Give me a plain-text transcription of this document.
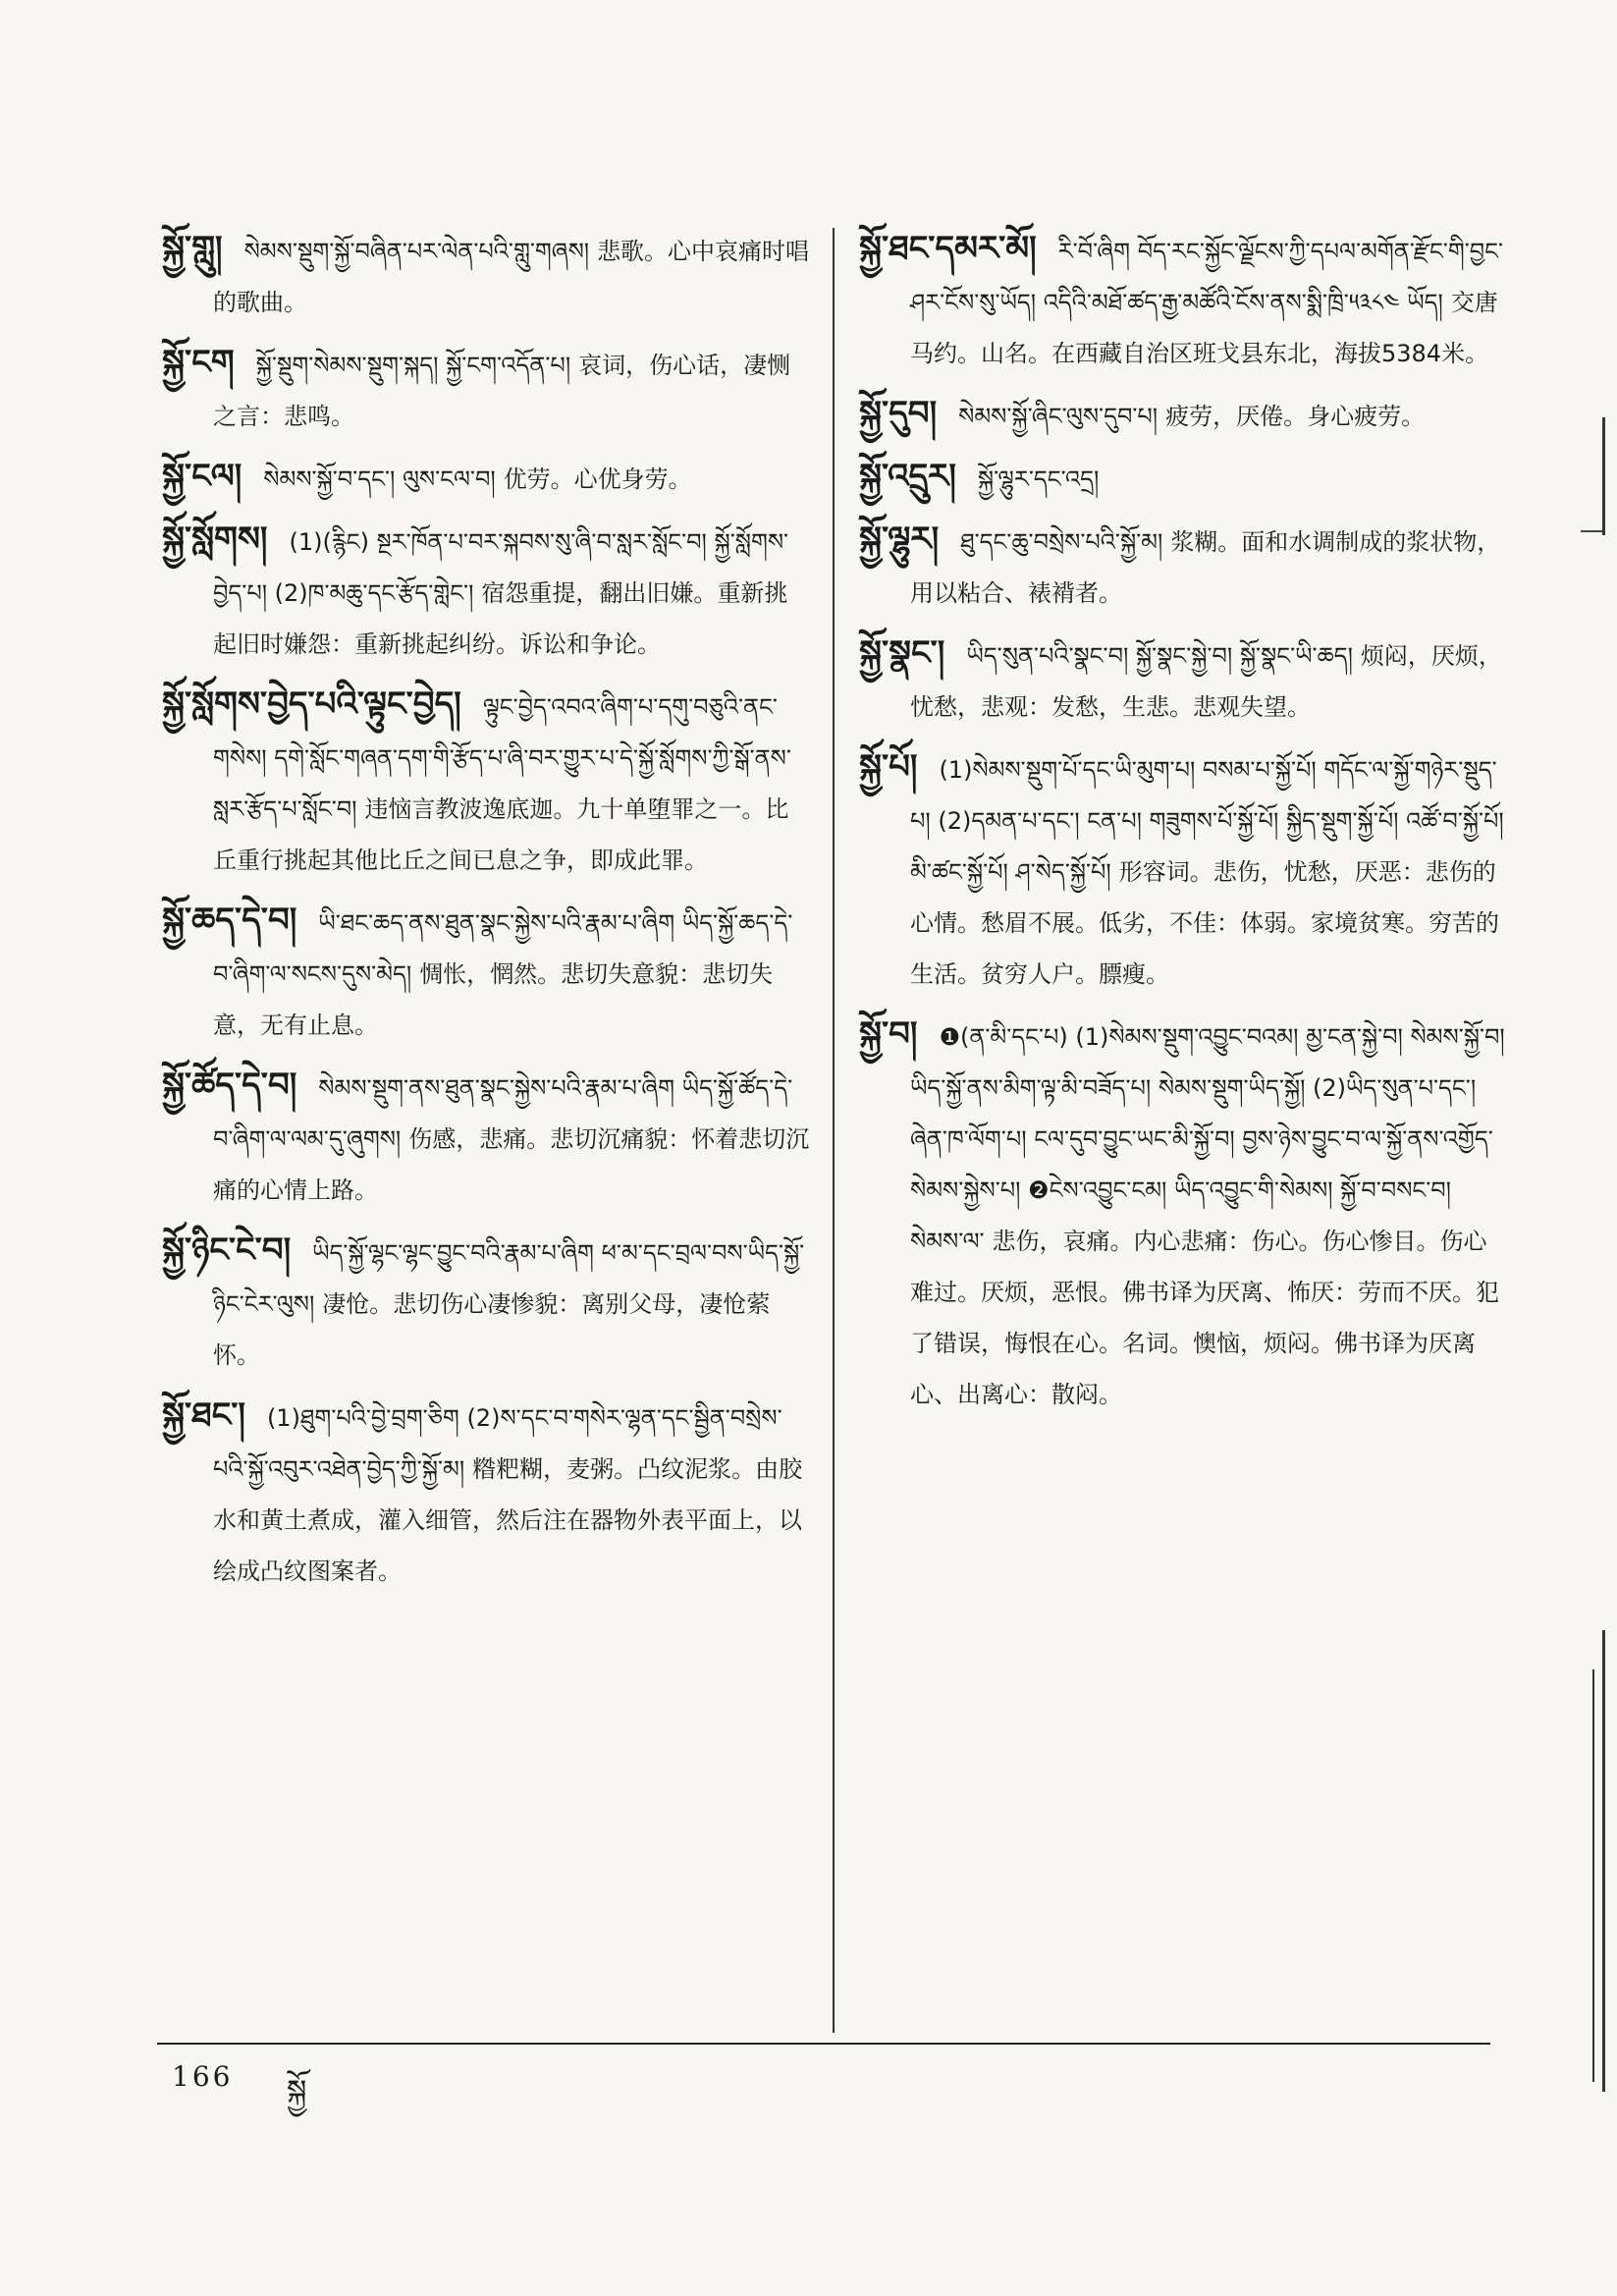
སྐྱོ་གླུ། སེམས་སྡུག་སྐྱོ་བཞིན་པར་ལེན་པའི་གླུ་གཞས། 悲歌。心中哀痛时唱的歌曲。
སྐྱོ་ངག སྐྱོ་སྡུག་སེམས་སྡུག་སྐད། སྐྱོ་ངག་འདོན་པ། 哀词，伤心话，凄恻之言：悲鸣。
སྐྱོ་ངལ། སེམས་སྐྱོ་བ་དང་། ལུས་ངལ་བ། 优劳。心优身劳。
སྐྱོ་སློགས། (1)(རྙིང) སྔར་ཁོན་པ་བར་སྐབས་སུ་ཞི་བ་སླར་སློང་བ། སྐྱོ་སློགས་བྱེད་པ། (2)ཁ་མཆུ་དང་རྩོད་གླེང་། 宿怨重提，翻出旧嫌。重新挑起旧时嫌怨：重新挑起纠纷。诉讼和争论。
སྐྱོ་སློགས་བྱེད་པའི་ལྟུང་བྱེད། ལྟུང་བྱེད་འབའ་ཞིག་པ་དགུ་བཅུའི་ནང་གསེས། དགེ་སློང་གཞན་དག་གི་རྩོད་པ་ཞི་བར་གྱུར་པ་དེ་སྐྱོ་སློགས་ཀྱི་སྒོ་ནས་སླར་རྩོད་པ་སློང་བ། 违恼言教波逸底迦。九十单堕罪之一。比丘重行挑起其他比丘之间已息之争，即成此罪。
སྐྱོ་ཆད་དེ་བ། ཡི་ཐང་ཆད་ནས་ཐུན་སྣང་སྐྱེས་པའི་རྣམ་པ་ཞིག ཡིད་སྐྱོ་ཆད་དེ་བ་ཞིག་ལ་སངས་དུས་མེད། 惆怅，惘然。悲切失意貌：悲切失意，无有止息。
སྐྱོ་ཚོད་དེ་བ། སེམས་སྡུག་ནས་ཐུན་སྣང་སྐྱེས་པའི་རྣམ་པ་ཞིག ཡིད་སྐྱོ་ཚོད་དེ་བ་ཞིག་ལ་ལམ་དུ་ཞུགས། 伤感，悲痛。悲切沉痛貌：怀着悲切沉痛的心情上路。
སྐྱོ་ཉིང་ངེ་བ། ཡིད་སྐྱོ་ལྷང་ལྷང་བྱུང་བའི་རྣམ་པ་ཞིག ཕ་མ་དང་བྲལ་བས་ཡིད་སྐྱོ་ཉིང་ངེར་ལུས། 凄怆。悲切伤心凄惨貌：离别父母，凄怆萦怀。
སྐྱོ་ཐང་། (1)ཐུག་པའི་བྱེ་བྲག་ཅིག (2)ས་དང་བ་གསེར་ལྷན་དང་སྦྱིན་བསྲེས་པའི་སྐྱོ་འབུར་འཐེན་བྱེད་ཀྱི་སྐྱོ་མ། 糌粑糊，麦粥。凸纹泥浆。由胶水和黄土煮成，灌入细管，然后注在器物外表平面上，以绘成凸纹图案者。
སྐྱོ་ཐང་དམར་མོ། རི་བོ་ཞིག བོད་རང་སྐྱོང་ལྗོངས་ཀྱི་དཔལ་མགོན་རྫོང་གི་བྱང་ཤར་ངོས་སུ་ཡོད། འདིའི་མཐོ་ཚད་རྒྱ་མཚོའི་ངོས་ནས་སྨི་ཁྲི་༥༣༨༤ ཡོད། 交唐马约。山名。在西藏自治区班戈县东北，海拔5384米。
སྐྱོ་དུབ། སེམས་སྐྱོ་ཞིང་ལུས་དུབ་པ། 疲劳，厌倦。身心疲劳。
སྐྱོ་འདྲུར། སྐྱོ་ལྷུར་དང་འདྲ།
སྐྱོ་ལྷུར། ཐུ་དང་ཆུ་བསྲེས་པའི་སྐྱོ་མ། 浆糊。面和水调制成的浆状物，用以粘合、裱褙者。
སྐྱོ་སྣང་། ཡིད་སུན་པའི་སྣང་བ། སྐྱོ་སྣང་སྐྱེ་བ། སྐྱོ་སྣང་ཡི་ཆད། 烦闷，厌烦，忧愁，悲观：发愁，生悲。悲观失望。
སྐྱོ་པོ། (1)སེམས་སྡུག་པོ་དང་ཡི་མུག་པ། བསམ་པ་སྐྱོ་པོ། གདོང་ལ་སྐྱོ་གཉེར་སྡུད་པ། (2)དམན་པ་དང་། ངན་པ། གཟུགས་པོ་སྐྱོ་པོ། སྐྱིད་སྡུག་སྐྱོ་པོ། འཚོ་བ་སྐྱོ་པོ། མི་ཚང་སྐྱོ་པོ། ཤ་སེད་སྐྱོ་པོ། 形容词。悲伤，忧愁，厌恶：悲伤的心情。愁眉不展。低劣，不佳：体弱。家境贫寒。穷苦的生活。贫穷人户。膘瘦。
སྐྱོ་བ། ❶(ན་མི་དང་པ) (1)སེམས་སྡུག་འབྱུང་བའམ། མྱ་ངན་སྐྱེ་བ། སེམས་སྐྱོ་བ། ཡིད་སྐྱོ་ནས་མིག་ལྟ་མི་བཟོད་པ། སེམས་སྡུག་ཡིད་སྐྱོ། (2)ཡིད་སུན་པ་དང་། ཞེན་ཁ་ལོག་པ། ངལ་དུབ་བྱུང་ཡང་མི་སྐྱོ་བ། བྱས་ཉེས་བྱུང་བ་ལ་སྐྱོ་ནས་འགྱོད་སེམས་སྐྱེས་པ། ❷ངེས་འབྱུང་ངམ། ཡིད་འབྱུང་གི་སེམས། སྐྱོ་བ་བསང་བ། སེམས་ལ་ 悲伤，哀痛。内心悲痛：伤心。伤心惨目。伤心难过。厌烦，恶恨。佛书译为厌离、怖厌：劳而不厌。犯了错误，悔恨在心。名词。懊恼，烦闷。佛书译为厌离心、出离心：散闷。
166 སྐྱོ
